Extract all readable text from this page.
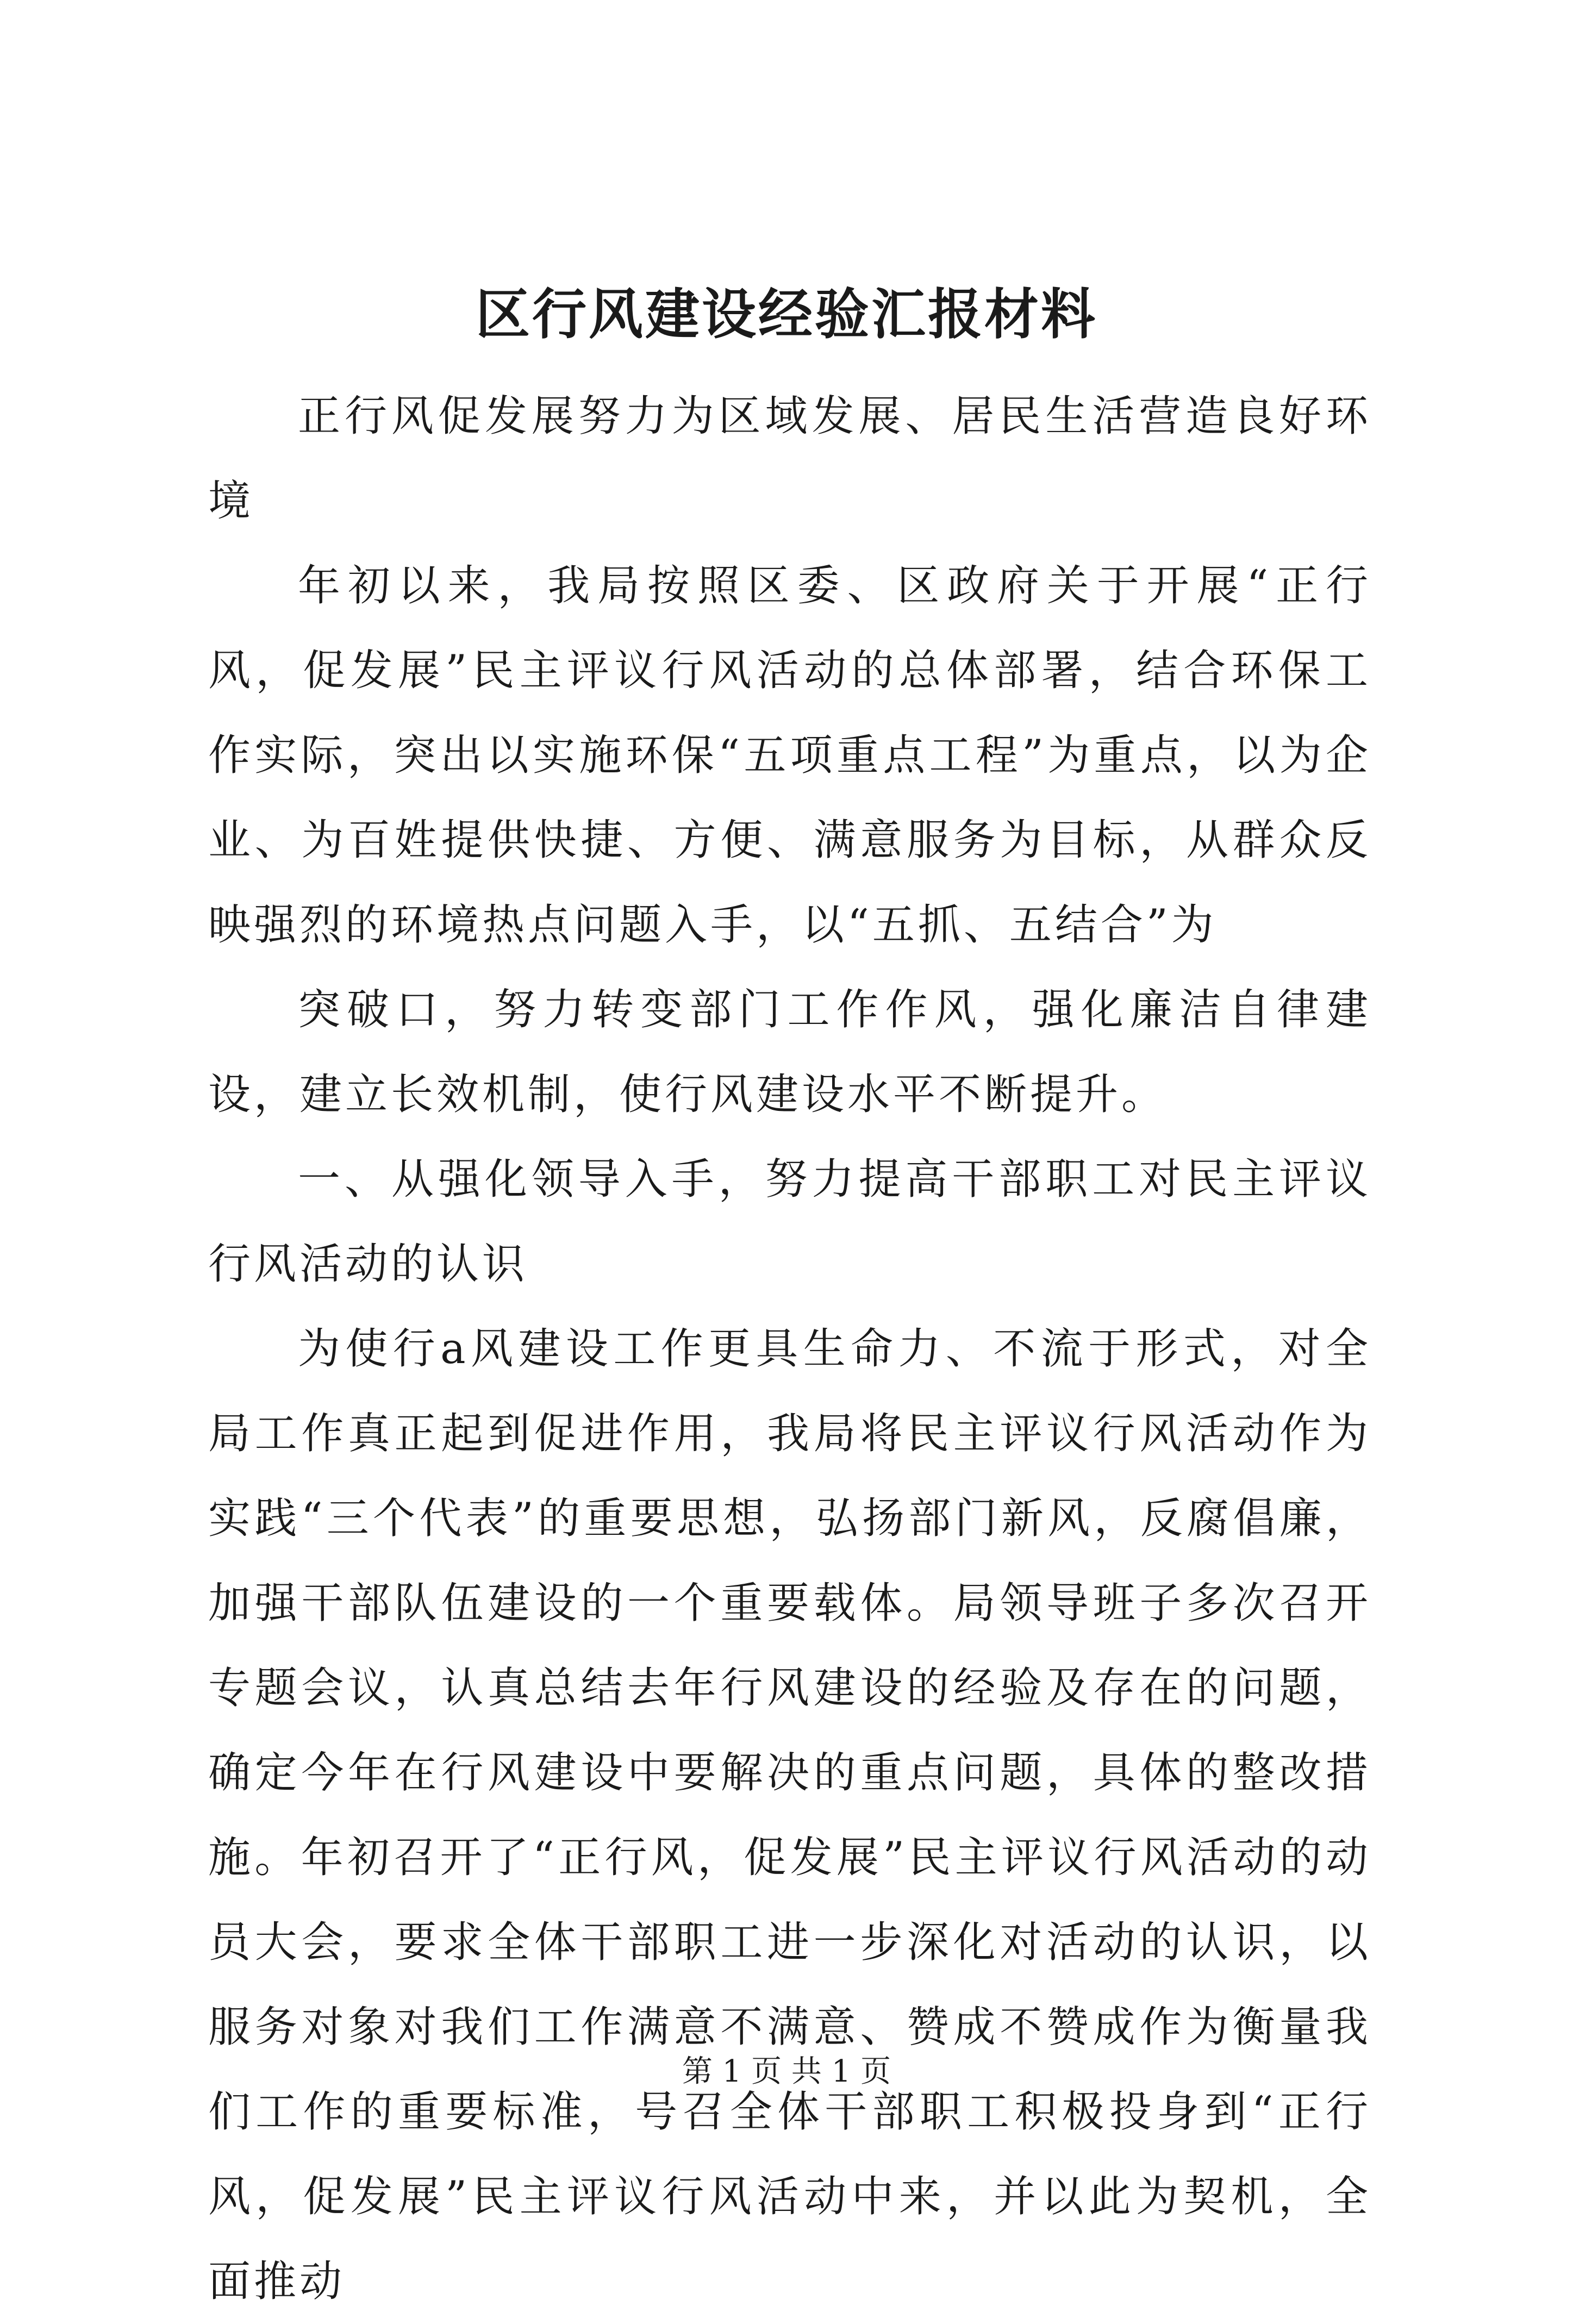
区行风建设经验汇报材料

正行风促发展努力为区域发展、居民生活营造良好环境

年初以来，我局按照区委、区政府关于开展“正行风，促发展”民主评议行风活动的总体部署，结合环保工作实际，突出以实施环保“五项重点工程”为重点，以为企业、为百姓提供快捷、方便、满意服务为目标，从群众反映强烈的环境热点问题入手，以“五抓、五结合”为

突破口，努力转变部门工作作风，强化廉洁自律建设，建立长效机制，使行风建设水平不断提升。

一、从强化领导入手，努力提高干部职工对民主评议行风活动的认识

为使行a风建设工作更具生命力、不流于形式，对全局工作真正起到促进作用，我局将民主评议行风活动作为实践“三个代表”的重要思想，弘扬部门新风，反腐倡廉，加强干部队伍建设的一个重要载体。局领导班子多次召开专题会议，认真总结去年行风建设的经验及存在的问题，确定今年在行风建设中要解决的重点问题，具体的整改措施。年初召开了“正行风，促发展”民主评议行风活动的动员大会，要求全体干部职工进一步深化对活动的认识，以服务对象对我们工作满意不满意、赞成不赞成作为衡量我们工作的重要标准，号召全体干部职工积极投身到“正行风，促发展”民主评议行风活动中来，并以此为契机，全面推动

第 1 页 共 1 页
